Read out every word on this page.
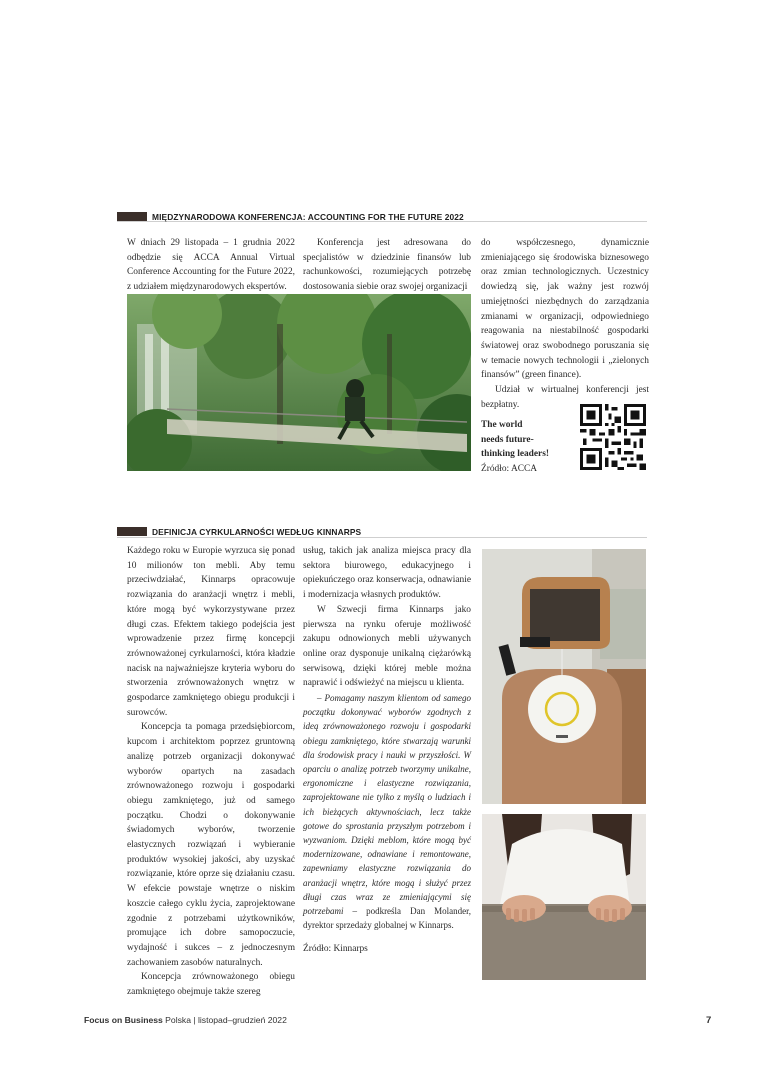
MIĘDZYNARODOWA KONFERENCJA: ACCOUNTING FOR THE FUTURE 2022

W dniach 29 listopada – 1 grudnia 2022 odbędzie się ACCA Annual Virtual Conference Accounting for the Future 2022, z udziałem międzynarodowych ekspertów.

Konferencja jest adresowana do specjalistów w dziedzinie finansów lub rachunkowości, rozumiejących potrzebę dostosowania siebie oraz swojej organizacji

do współczesnego, dynamicznie zmieniającego się środowiska biznesowego oraz zmian technologicznych. Uczestnicy dowiedzą się, jak ważny jest rozwój umiejętności niezbędnych do zarządzania zmianami w organizacji, odpowiedniego reagowania na niestabilność gospodarki światowej oraz swobodnego poruszania się w temacie nowych technologii i „zielonych finansów” (green finance).

Udział w wirtualnej konferencji jest bezpłatny.

The world
needs future-
thinking leaders!
Źródło: ACCA
DEFINICJA CYRKULARNOŚCI WEDŁUG KINNARPS

Każdego roku w Europie wyrzuca się ponad 10 milionów ton mebli. Aby temu przeciwdziałać, Kinnarps opracowuje rozwiązania do aranżacji wnętrz i mebli, które mogą być wykorzystywane przez długi czas. Efektem takiego podejścia jest wprowadzenie przez firmę koncepcji zrównoważonej cyrkularności, która kładzie nacisk na najważniejsze kryteria wyboru do stworzenia zrównoważonych wnętrz w gospodarce zamkniętego obiegu produkcji i surowców.

Koncepcja ta pomaga przedsiębiorcom, kupcom i architektom poprzez gruntowną analizę potrzeb organizacji dokonywać wyborów opartych na zasadach zrównoważonego rozwoju i gospodarki obiegu zamkniętego, już od samego początku. Chodzi o dokonywanie świadomych wyborów, tworzenie elastycznych rozwiązań i wybieranie produktów wysokiej jakości, aby uzyskać rozwiązanie, które oprze się działaniu czasu. W efekcie powstaje wnętrze o niskim koszcie całego cyklu życia, zaprojektowane zgodnie z potrzebami użytkowników, promujące ich dobre samopoczucie, wydajność i sukces – z jednoczesnym zachowaniem zasobów naturalnych.

Koncepcja zrównoważonego obiegu zamkniętego obejmuje także szereg

usług, takich jak analiza miejsca pracy dla sektora biurowego, edukacyjnego i opiekuńczego oraz konserwacja, odnawianie i modernizacja własnych produktów.

W Szwecji firma Kinnarps jako pierwsza na rynku oferuje możliwość zakupu odnowionych mebli używanych online oraz dysponuje unikalną ciężarówką serwisową, dzięki której meble można naprawić i odświeżyć na miejscu u klienta.

– Pomagamy naszym klientom od samego początku dokonywać wyborów zgodnych z ideą zrównoważonego rozwoju i gospodarki obiegu zamkniętego, które stwarzają warunki dla środowisk pracy i nauki w przyszłości. W oparciu o analizę potrzeb tworzymy unikalne, ergonomiczne i elastyczne rozwiązania, zaprojektowane nie tylko z myślą o ludziach i ich bieżących aktywnościach, lecz także gotowe do sprostania przyszłym potrzebom i wyzwaniom. Dzięki meblom, które mogą być modernizowane, odnawiane i remontowane, zapewniamy elastyczne rozwiązania do aranżacji wnętrz, które mogą i służyć przez długi czas wraz ze zmieniającymi się potrzebami – podkreśla Dan Molander, dyrektor sprzedaży globalnej w Kinnarps.

Źródło: Kinnarps

Focus on Business Polska | listopad–grudzień 2022	7
